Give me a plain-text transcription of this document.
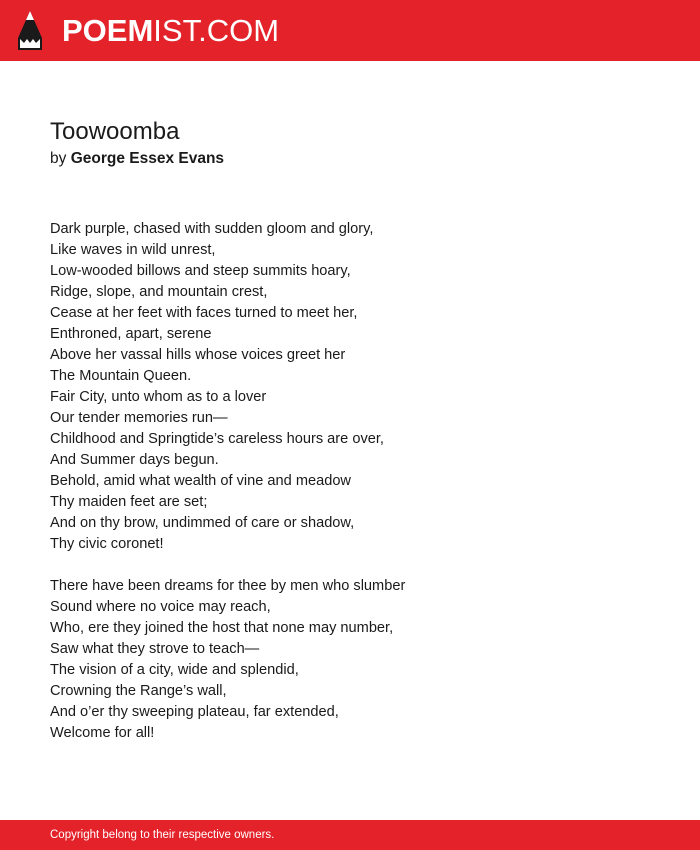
POEMIST.COM
Toowoomba
by George Essex Evans
Dark purple, chased with sudden gloom and glory,
Like waves in wild unrest,
Low-wooded billows and steep summits hoary,
Ridge, slope, and mountain crest,
Cease at her feet with faces turned to meet her,
Enthroned, apart, serene
Above her vassal hills whose voices greet her
The Mountain Queen.
Fair City, unto whom as to a lover
Our tender memories run—
Childhood and Springtide’s careless hours are over,
And Summer days begun.
Behold, amid what wealth of vine and meadow
Thy maiden feet are set;
And on thy brow, undimmed of care or shadow,
Thy civic coronet!
There have been dreams for thee by men who slumber
Sound where no voice may reach,
Who, ere they joined the host that none may number,
Saw what they strove to teach—
The vision of a city, wide and splendid,
Crowning the Range’s wall,
And o’er thy sweeping plateau, far extended,
Welcome for all!
Copyright belong to their respective owners.
